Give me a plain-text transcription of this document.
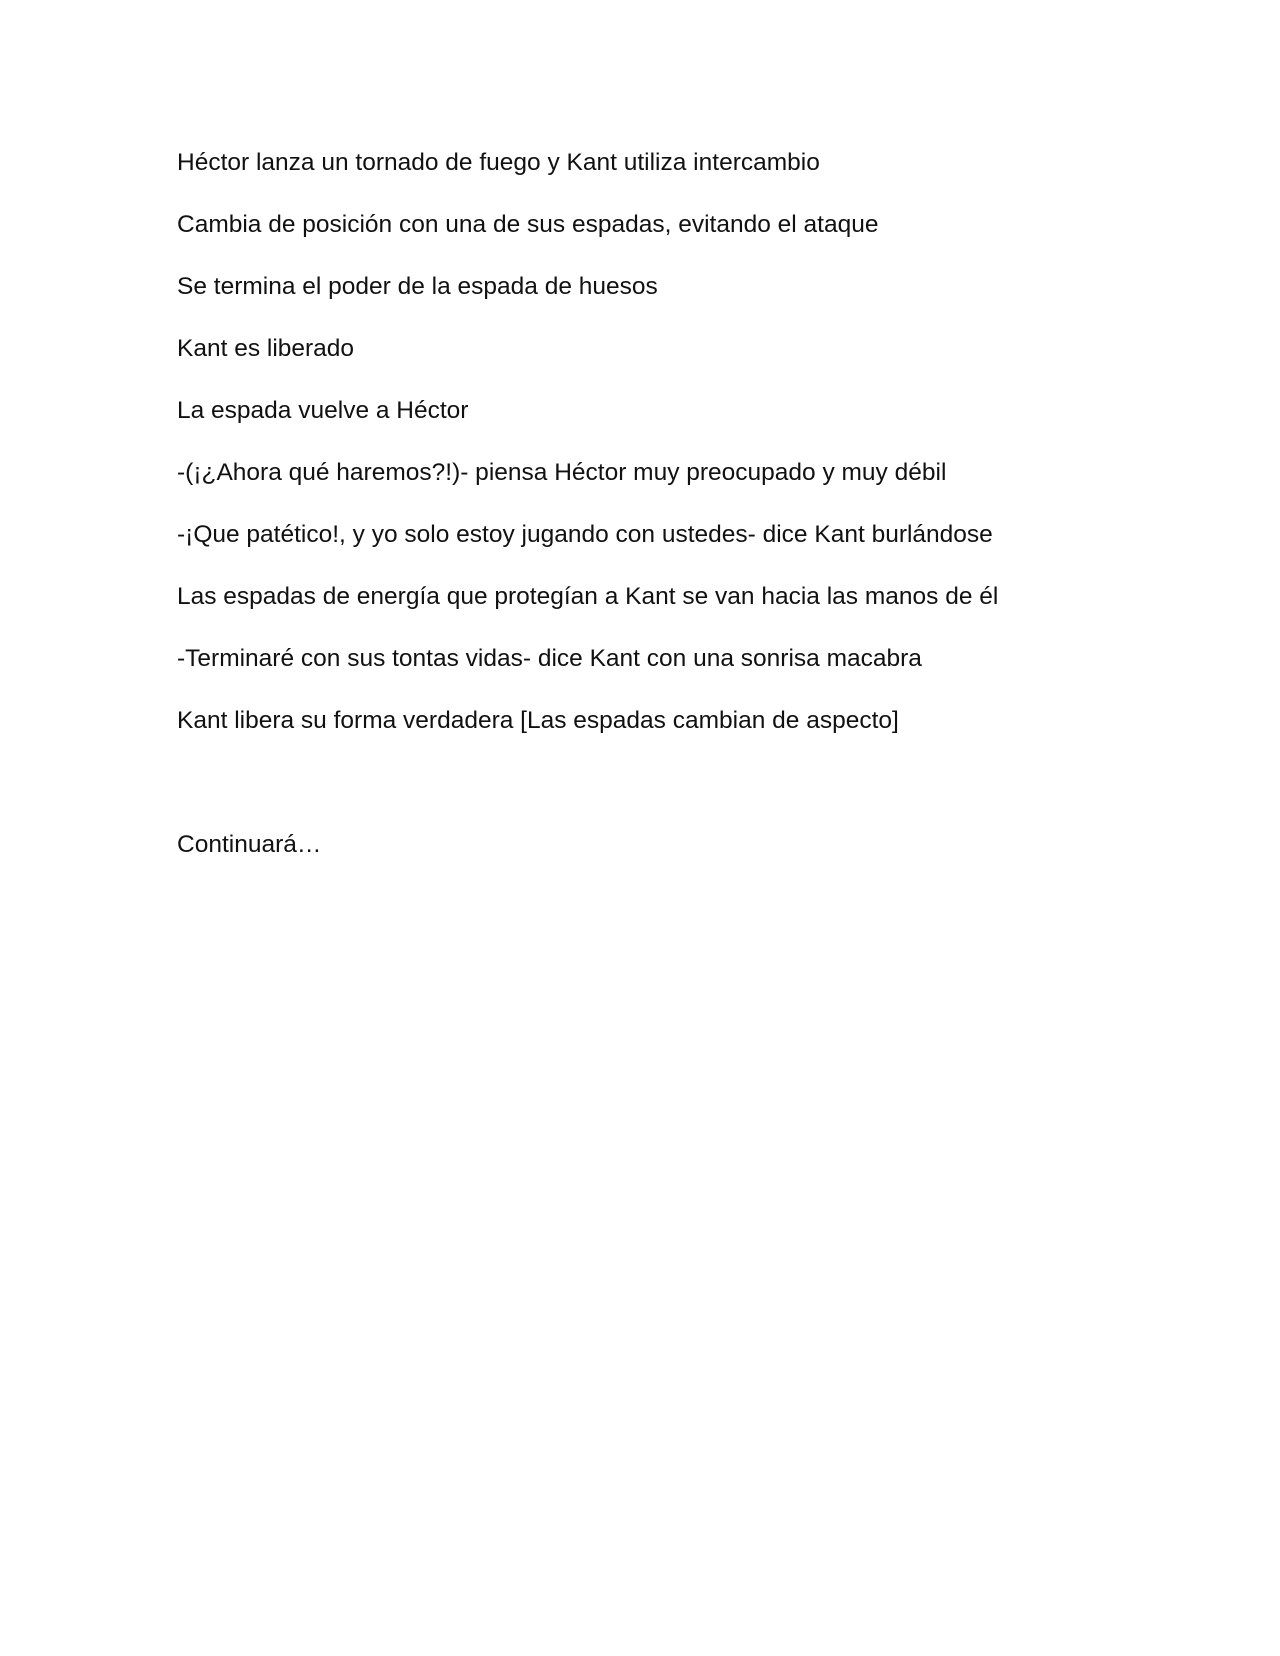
Héctor lanza un tornado de fuego y Kant utiliza intercambio

Cambia de posición con una de sus espadas, evitando el ataque

Se termina el poder de la espada de huesos

Kant es liberado

La espada vuelve a Héctor

-(¡¿Ahora qué haremos?!)- piensa Héctor muy preocupado y muy débil

-¡Que patético!, y yo solo estoy jugando con ustedes- dice Kant burlándose

Las espadas de energía que protegían a Kant se van hacia las manos de él

-Terminaré con sus tontas vidas- dice Kant con una sonrisa macabra

Kant libera su forma verdadera [Las espadas cambian de aspecto]

Continuará…
